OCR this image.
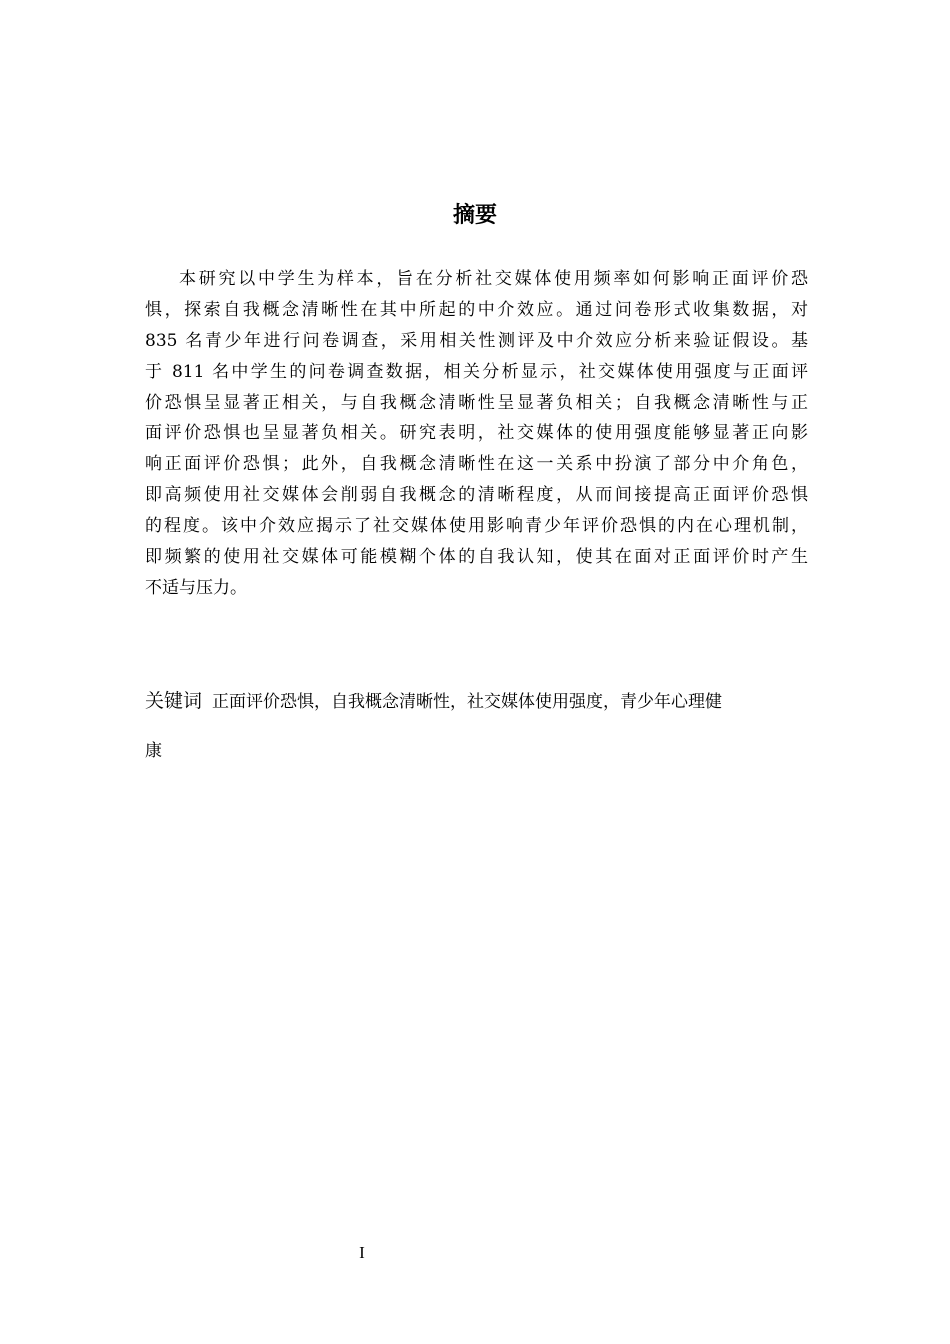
摘要
本研究以中学生为样本，旨在分析社交媒体使用频率如何影响正面评价恐
惧，探索自我概念清晰性在其中所起的中介效应。通过问卷形式收集数据，对
835 名青少年进行问卷调查，采用相关性测评及中介效应分析来验证假设。基
于 811 名中学生的问卷调查数据，相关分析显示，社交媒体使用强度与正面评
价恐惧呈显著正相关，与自我概念清晰性呈显著负相关；自我概念清晰性与正
面评价恐惧也呈显著负相关。研究表明，社交媒体的使用强度能够显著正向影
响正面评价恐惧；此外，自我概念清晰性在这一关系中扮演了部分中介角色，
即高频使用社交媒体会削弱自我概念的清晰程度，从而间接提高正面评价恐惧
的程度。该中介效应揭示了社交媒体使用影响青少年评价恐惧的内在心理机制，
即频繁的使用社交媒体可能模糊个体的自我认知，使其在面对正面评价时产生
不适与压力。
关键词 正面评价恐惧，自我概念清晰性，社交媒体使用强度，青少年心理健
康
I
